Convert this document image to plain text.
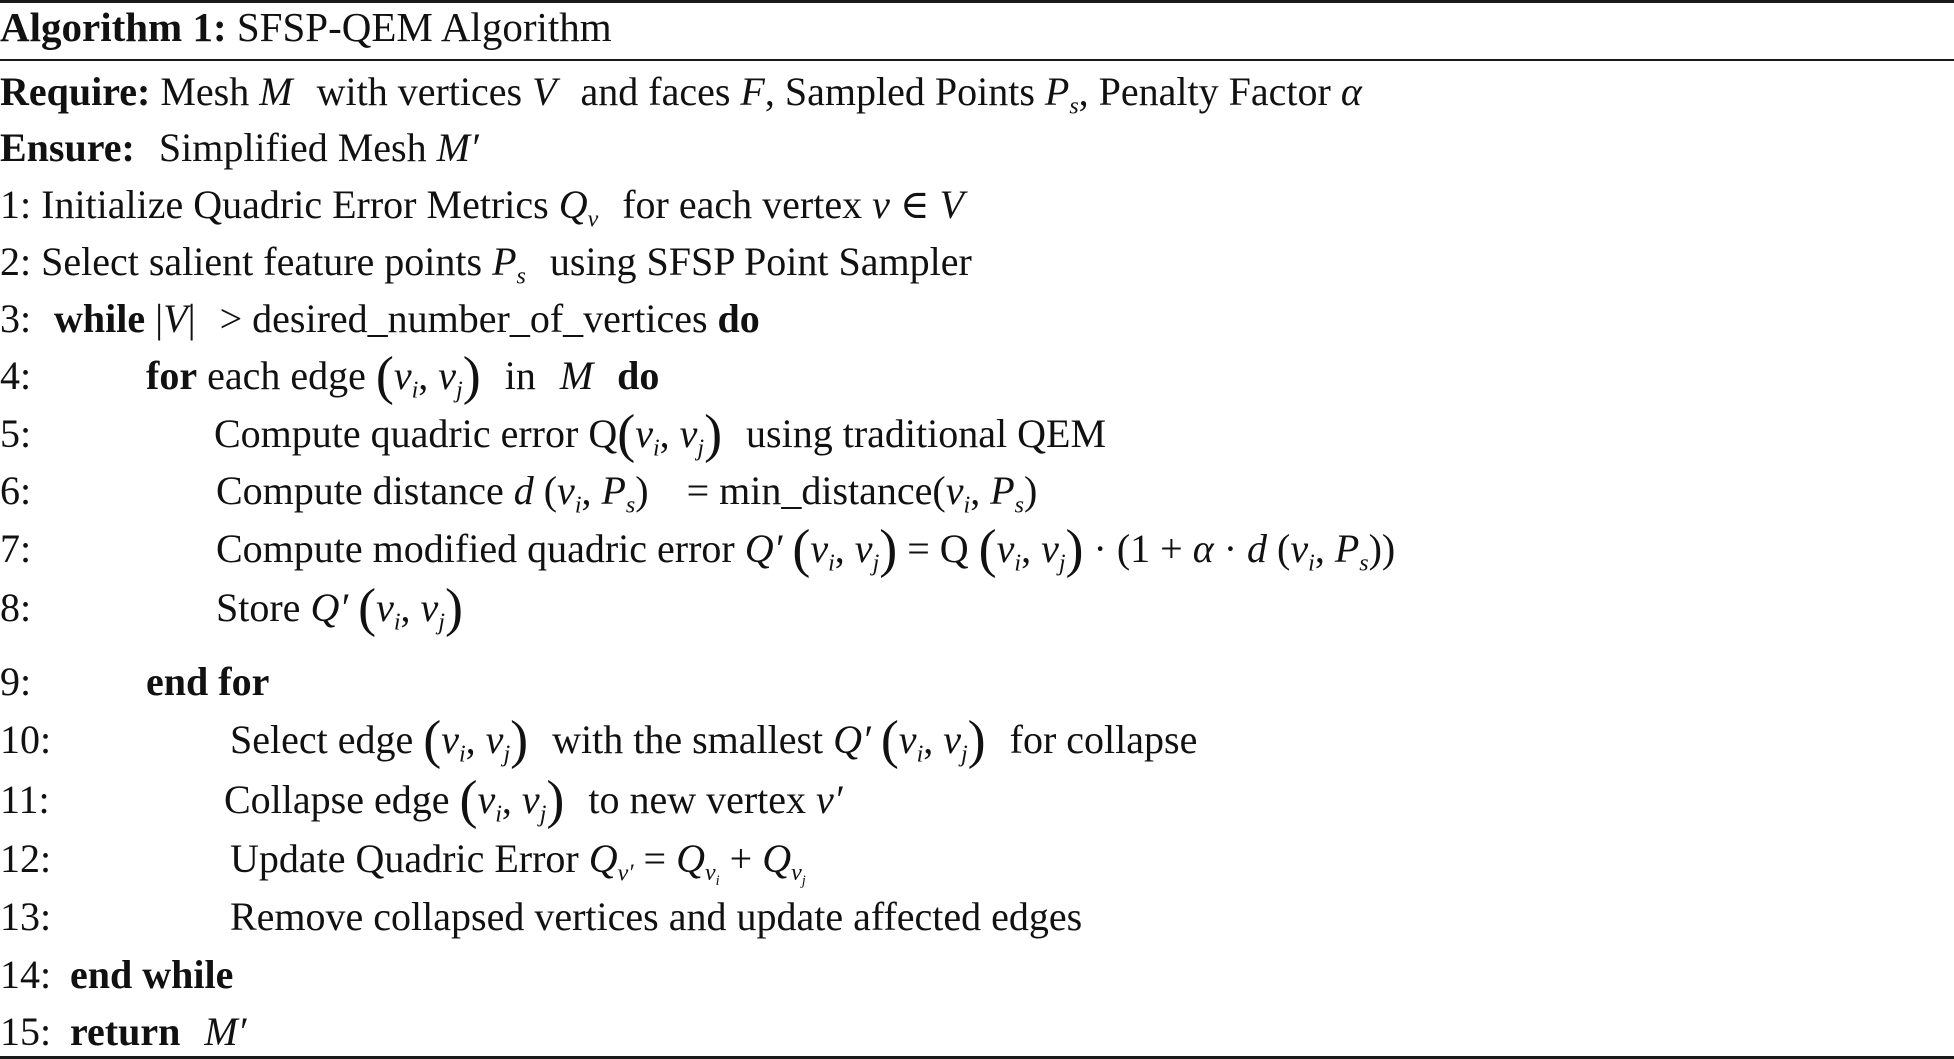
Algorithm 1: SFSP-QEM Algorithm
Require: Mesh M with vertices V and faces F, Sampled Points $P_s$, Penalty Factor α
Ensure: Simplified Mesh M′
1: Initialize Quadric Error Metrics $Q_v$ for each vertex v ∈ V
2: Select salient feature points $P_s$ using SFSP Point Sampler
3: while |V| > desired_number_of_vertices do
4:	for each edge ($v_i$, $v_j$) in M do
5:	Compute quadric error $Q(v_i$, $v_j$) using traditional QEM
6:	Compute distance d ($v_i$, $P_s$) = $\min\_distance(v_i$, $P_s$)
7:	Compute modified quadric error Q′ ($v_i$, $v_j) = Q$ ($v_i$, $v_j) \cdot (1 + \alpha \cdot d$ ($v_i$, $P_s$))
8:	Store Q′ ($v_i$, $v_j$)
9:	end for
10:	Select edge ($v_i$, $v_j$) with the smallest Q′ ($v_i$, $v_j$) for collapse
11:	Collapse edge ($v_i$, $v_j$) to new vertex v′
12:	Update Quadric Error $Q_{v'} = Q_{v_i} + Q_{v_j}$
13:	Remove collapsed vertices and update affected edges
14: end while
15: return M′
